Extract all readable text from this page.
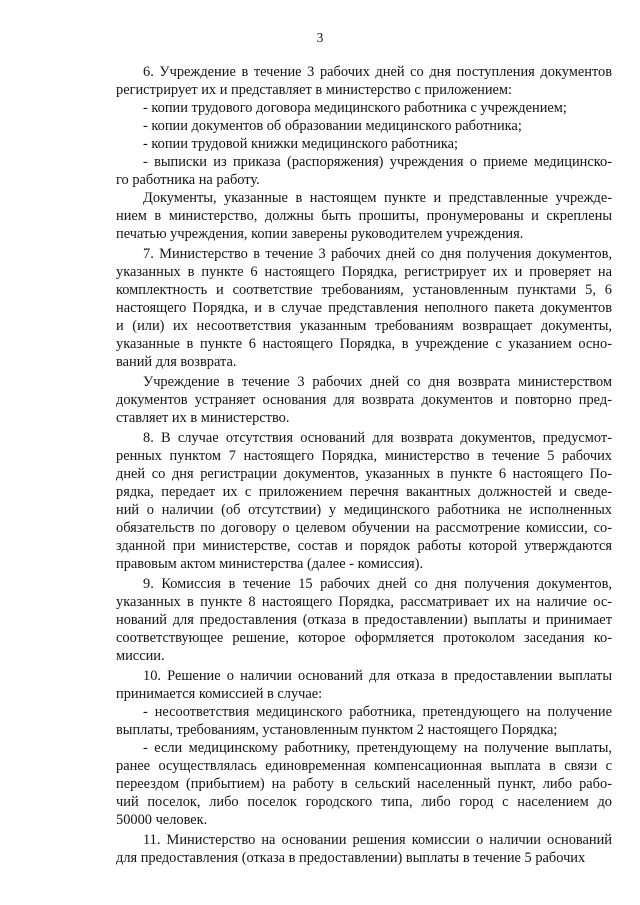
3
6. Учреждение в течение 3 рабочих дней со дня поступления документов
регистрирует их и представляет в министерство с приложением:
- копии трудового договора медицинского работника с учреждением;
- копии документов об образовании медицинского работника;
- копии трудовой книжки медицинского работника;
- выписки из приказа (распоряжения) учреждения о приеме медицинско-
го работника на работу.
Документы, указанные в настоящем пункте и представленные учрежде-
нием в министерство, должны быть прошиты, пронумерованы и скреплены
печатью учреждения, копии заверены руководителем учреждения.
7. Министерство в течение 3 рабочих дней со дня получения документов,
указанных в пункте 6 настоящего Порядка, регистрирует их и проверяет на
комплектность и соответствие требованиям, установленным пунктами 5, 6
настоящего Порядка, и в случае представления неполного пакета документов
и (или) их несоответствия указанным требованиям возвращает документы,
указанные в пункте 6 настоящего Порядка, в учреждение с указанием осно-
ваний для возврата.
Учреждение в течение 3 рабочих дней со дня возврата министерством
документов устраняет основания для возврата документов и повторно пред-
ставляет их в министерство.
8. В случае отсутствия оснований для возврата документов, предусмот-
ренных пунктом 7 настоящего Порядка, министерство в течение 5 рабочих
дней со дня регистрации документов, указанных в пункте 6 настоящего По-
рядка, передает их с приложением перечня вакантных должностей и сведе-
ний о наличии (об отсутствии) у медицинского работника не исполненных
обязательств по договору о целевом обучении на рассмотрение комиссии, со-
зданной при министерстве, состав и порядок работы которой утверждаются
правовым актом министерства (далее - комиссия).
9. Комиссия в течение 15 рабочих дней со дня получения документов,
указанных в пункте 8 настоящего Порядка, рассматривает их на наличие ос-
нований для предоставления (отказа в предоставлении) выплаты и принимает
соответствующее решение, которое оформляется протоколом заседания ко-
миссии.
10. Решение о наличии оснований для отказа в предоставлении выплаты
принимается комиссией в случае:
- несоответствия медицинского работника, претендующего на получение
выплаты, требованиям, установленным пунктом 2 настоящего Порядка;
- если медицинскому работнику, претендующему на получение выплаты,
ранее осуществлялась единовременная компенсационная выплата в связи с
переездом (прибытием) на работу в сельский населенный пункт, либо рабо-
чий поселок, либо поселок городского типа, либо город с населением до
50000 человек.
11. Министерство на основании решения комиссии о наличии оснований
для предоставления (отказа в предоставлении) выплаты в течение 5 рабочих
